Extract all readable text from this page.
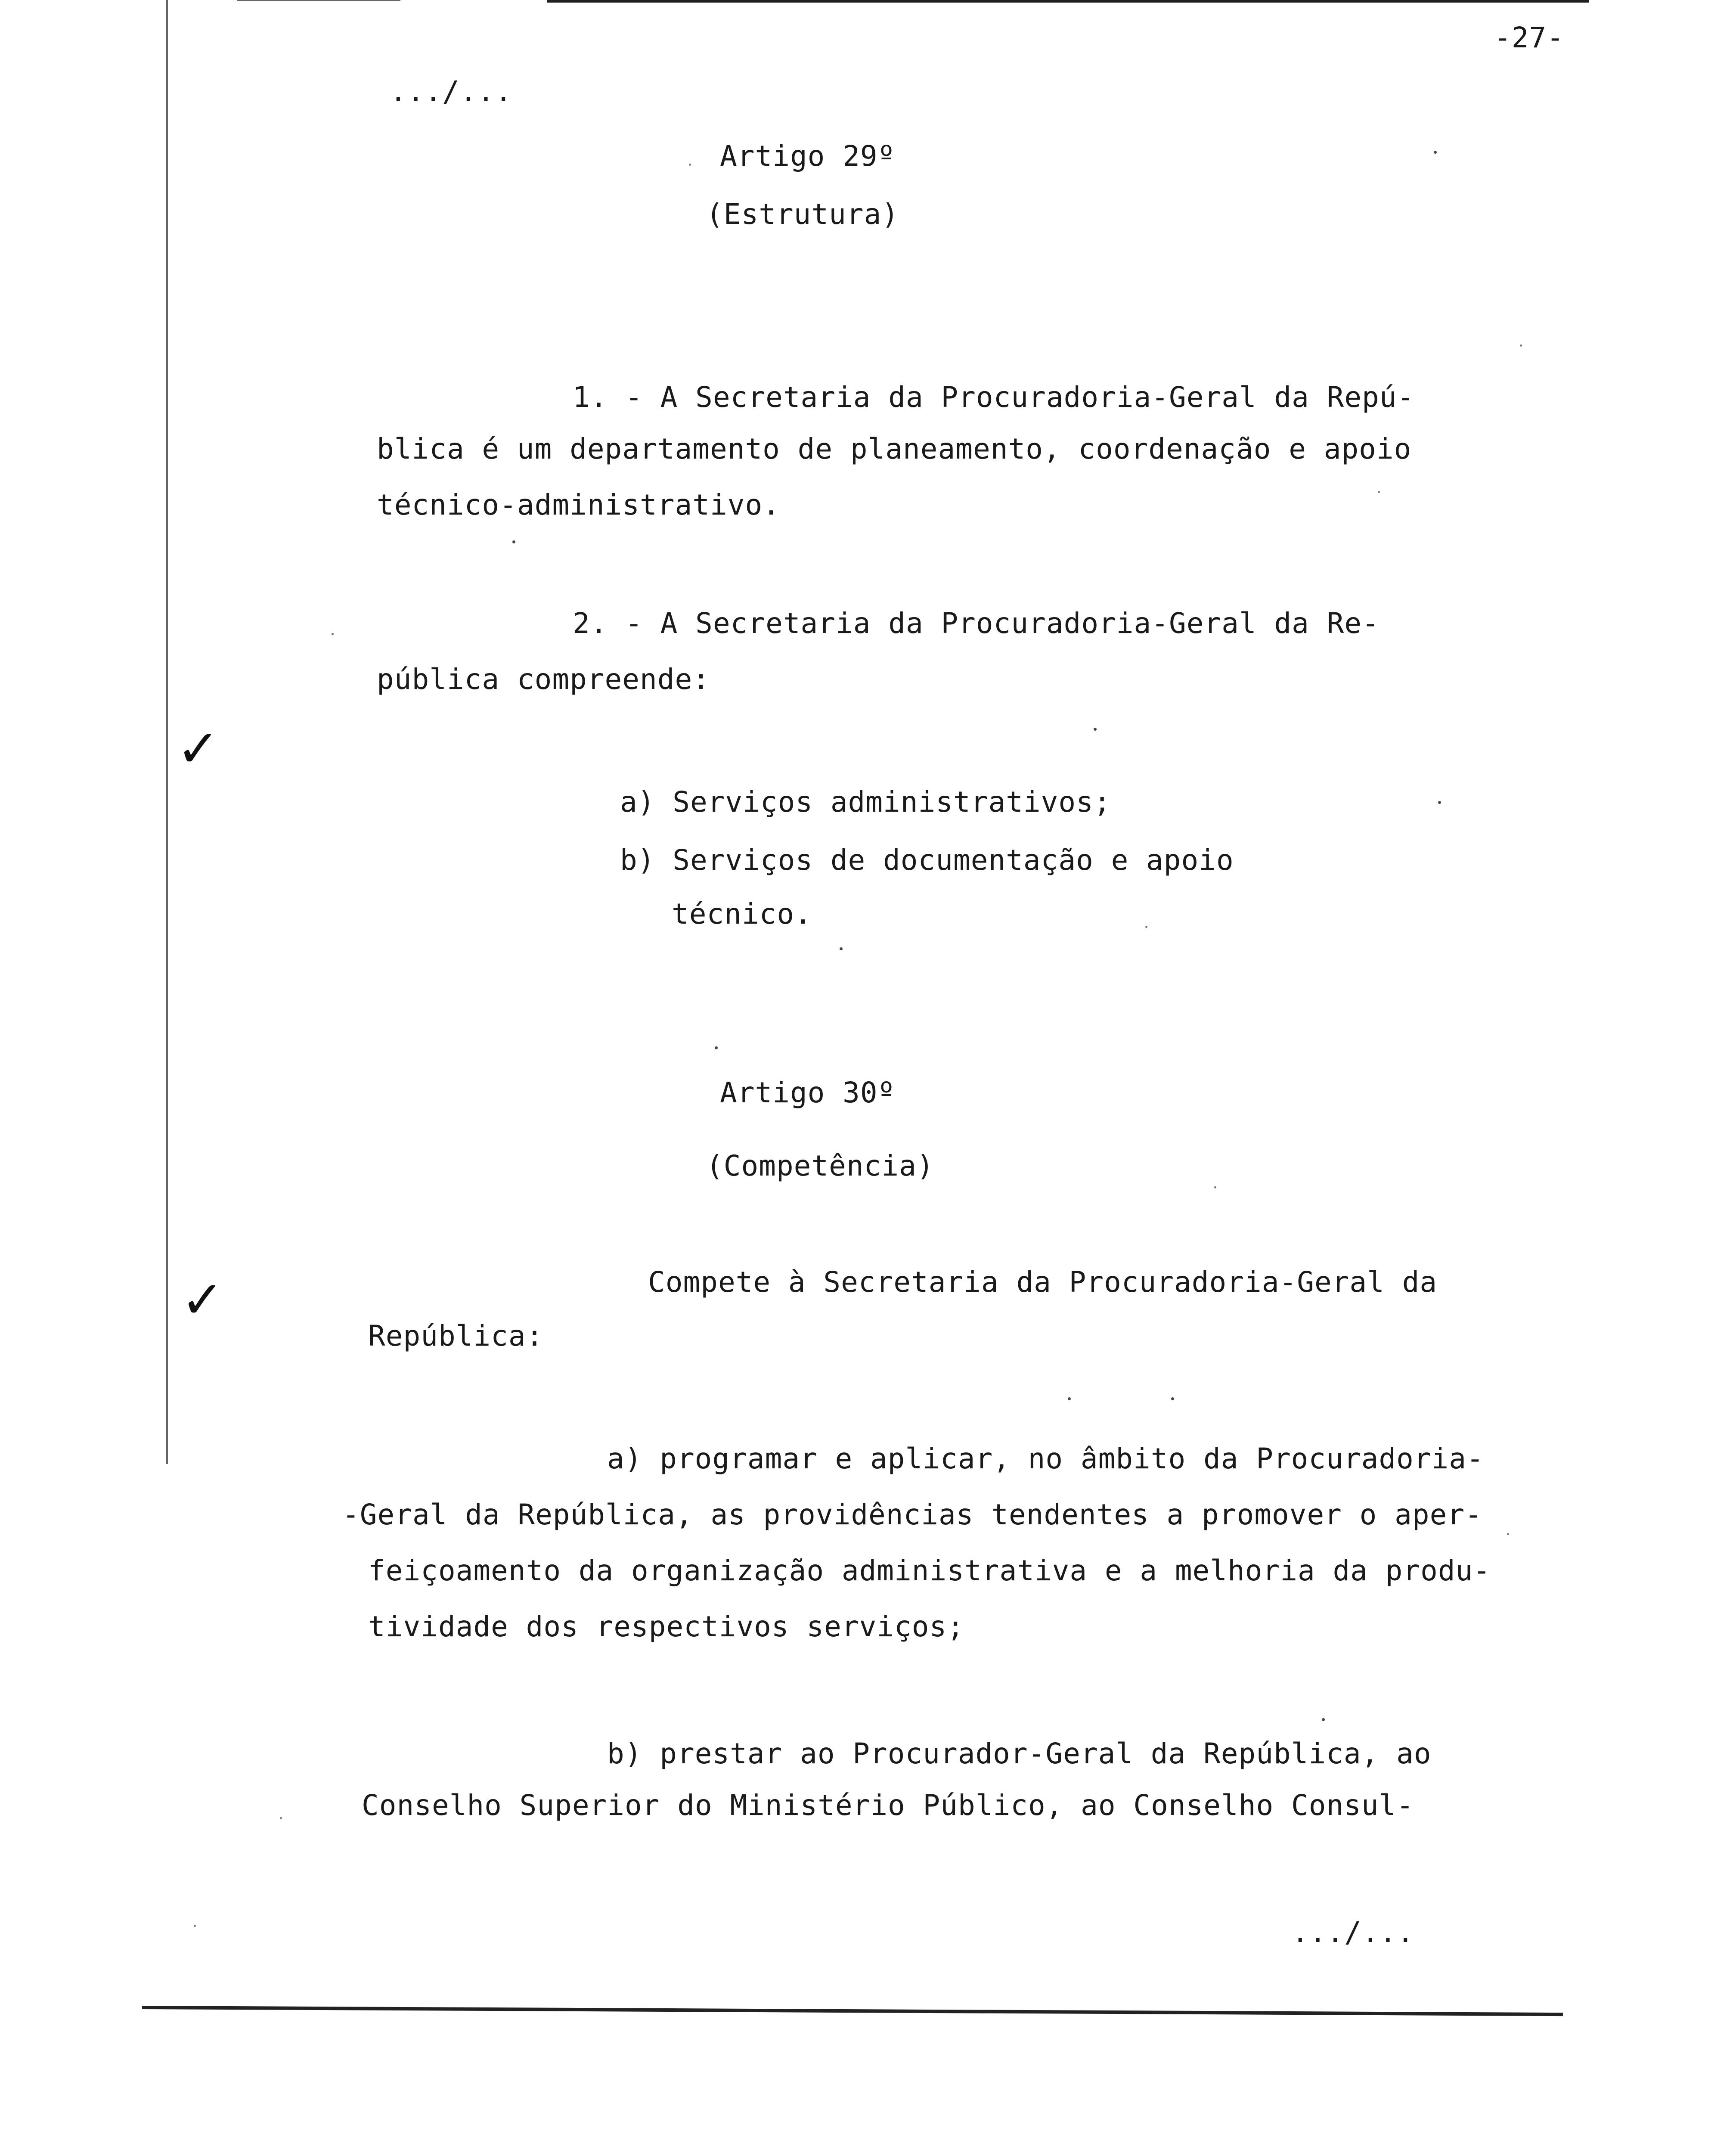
-27-
.../...
Artigo 29º
(Estrutura)
1. - A Secretaria da Procuradoria-Geral da Repú-
blica é um departamento de planeamento, coordenação e apoio
técnico-administrativo.
2. - A Secretaria da Procuradoria-Geral da Re-
pública compreende:
✓
a) Serviços administrativos;
b) Serviços de documentação e apoio
técnico.
Artigo 30º
(Competência)
✓	Compete à Secretaria da Procuradoria-Geral da
República:
a) programar e aplicar, no âmbito da Procuradoria-
-Geral da República, as providências tendentes a promover o aper-
feiçoamento da organização administrativa e a melhoria da produ-
tividade dos respectivos serviços;
b) prestar ao Procurador-Geral da República, ao
Conselho Superior do Ministério Público, ao Conselho Consul-
.../...
